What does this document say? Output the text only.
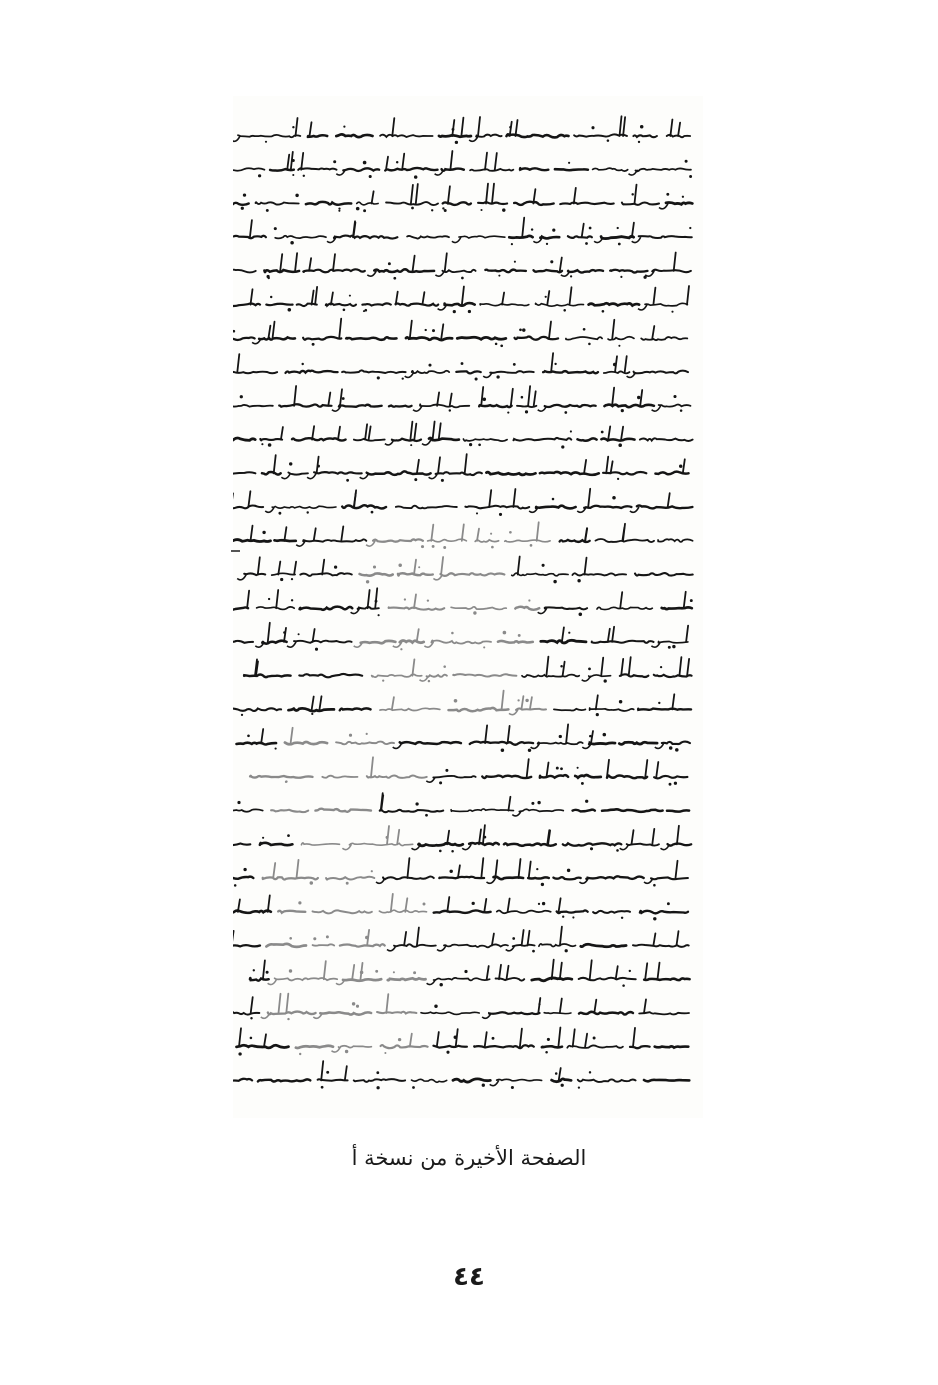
الصفحة الأخيرة من نسخة أ
٤٤
